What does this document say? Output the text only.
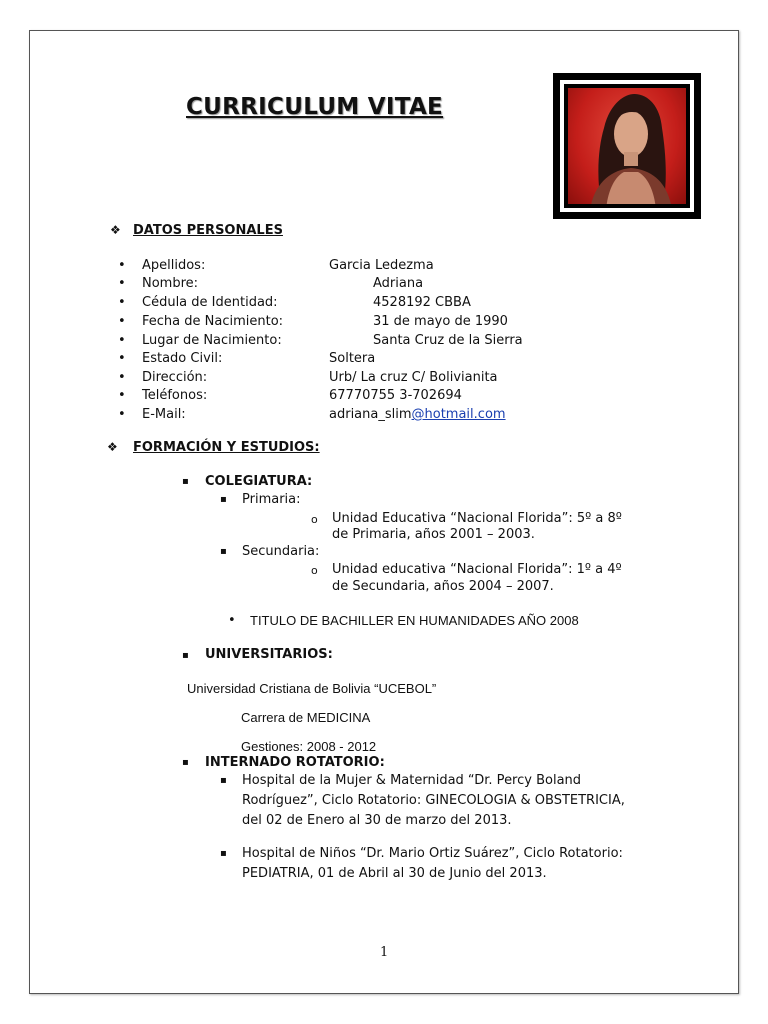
CURRICULUM VITAE
❖ DATOS PERSONALES
• Apellidos:	Garcia Ledezma
• Nombre:	Adriana
• Cédula de Identidad:	4528192 CBBA
• Fecha de Nacimiento:	31 de mayo de 1990
• Lugar de Nacimiento:	Santa Cruz de la Sierra
• Estado Civil:	Soltera
• Dirección:	Urb/ La cruz C/ Bolivianita
• Teléfonos:	67770755 3-702694
• E-Mail:	adriana_slim@hotmail.com
❖ FORMACIÓN Y ESTUDIOS:
▪ COLEGIATURA:
▪ Primaria:
o Unidad Educativa “Nacional Florida”: 5º a 8º
de Primaria, años 2001 – 2003.
▪ Secundaria:
o Unidad educativa “Nacional Florida”: 1º a 4º
de Secundaria, años 2004 – 2007.
• TITULO DE BACHILLER EN HUMANIDADES AÑO 2008
▪ UNIVERSITARIOS:
Universidad Cristiana de Bolivia “UCEBOL”
Carrera de MEDICINA
Gestiones: 2008 - 2012
▪ INTERNADO ROTATORIO:
▪ Hospital de la Mujer & Maternidad “Dr. Percy Boland
Rodríguez”, Ciclo Rotatorio: GINECOLOGIA & OBSTETRICIA,
del 02 de Enero al 30 de marzo del 2013.
▪ Hospital de Niños “Dr. Mario Ortiz Suárez”, Ciclo Rotatorio:
PEDIATRIA, 01 de Abril al 30 de Junio del 2013.
1
